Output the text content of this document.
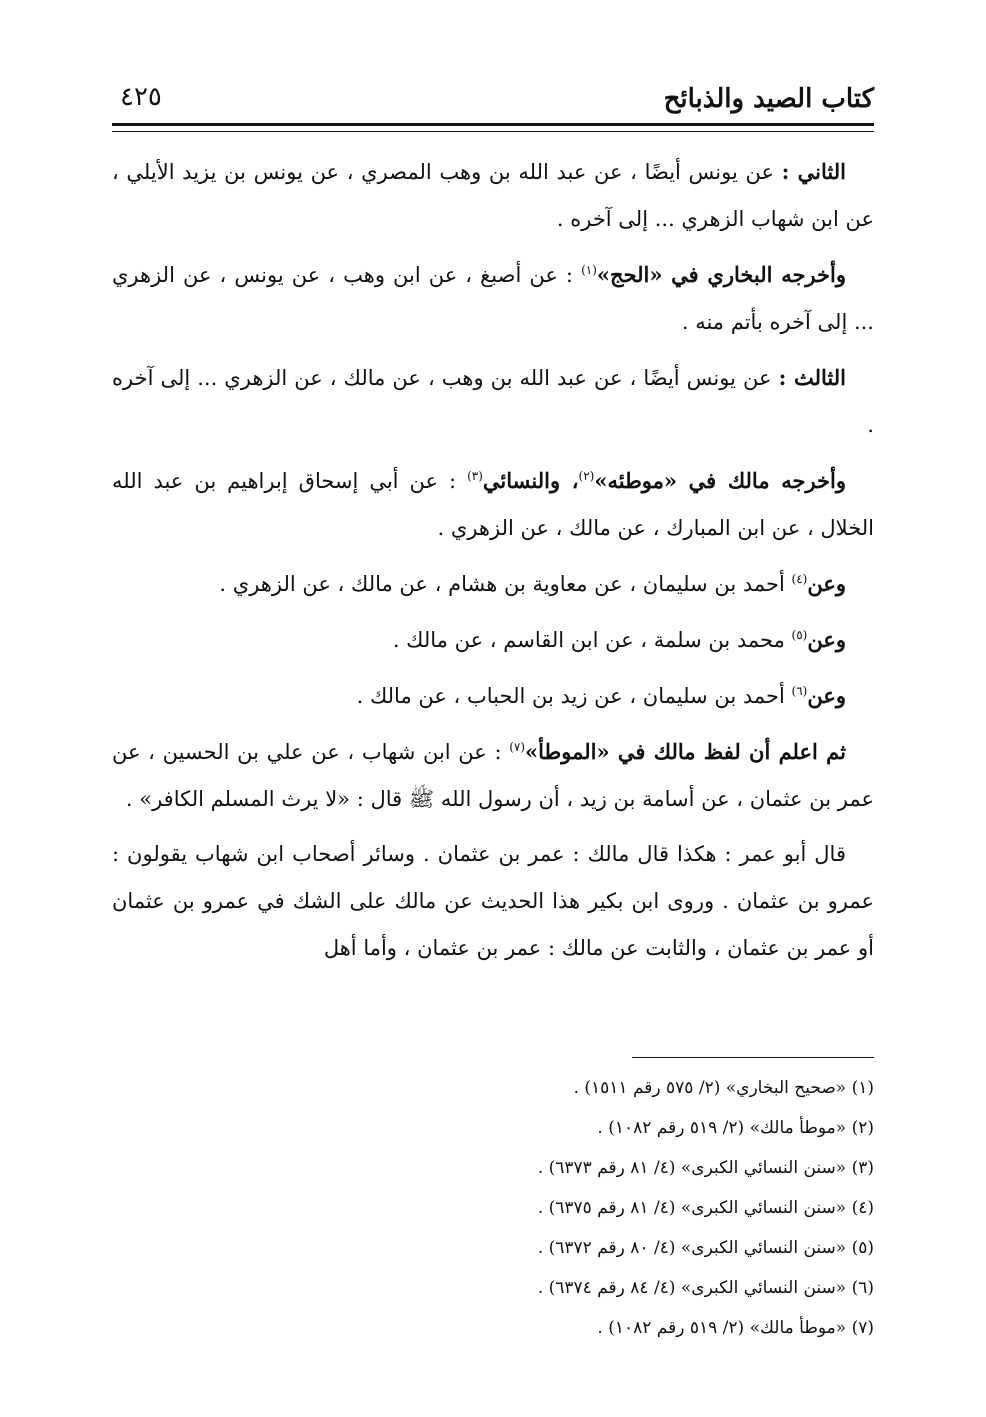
كتاب الصيد والذبائح
٤٢٥

الثاني : عن يونس أيضًا ، عن عبد الله بن وهب المصري ، عن يونس بن يزيد الأيلي ، عن ابن شهاب الزهري ... إلى آخره .

وأخرجه البخاري في «الحج»$^{(١)}$ : عن أصبغ ، عن ابن وهب ، عن يونس ، عن الزهري ... إلى آخره بأتم منه .

الثالث : عن يونس أيضًا ، عن عبد الله بن وهب ، عن مالك ، عن الزهري ... إلى آخره .

وأخرجه مالك في «موطئه»$^{(٢)}$، والنسائي$^{(٣)}$ : عن أبي إسحاق إبراهيم بن عبد الله الخلال ، عن ابن المبارك ، عن مالك ، عن الزهري .

وعن$^{(٤)}$ أحمد بن سليمان ، عن معاوية بن هشام ، عن مالك ، عن الزهري .

وعن$^{(٥)}$ محمد بن سلمة ، عن ابن القاسم ، عن مالك .

وعن$^{(٦)}$ أحمد بن سليمان ، عن زيد بن الحباب ، عن مالك .

ثم اعلم أن لفظ مالك في «الموطأ»$^{(٧)}$ : عن ابن شهاب ، عن علي بن الحسين ، عن عمر بن عثمان ، عن أسامة بن زيد ، أن رسول الله ﷺ قال : «لا يرث المسلم الكافر» .

قال أبو عمر : هكذا قال مالك : عمر بن عثمان . وسائر أصحاب ابن شهاب يقولون : عمرو بن عثمان . وروى ابن بكير هذا الحديث عن مالك على الشك في عمرو بن عثمان أو عمر بن عثمان ، والثابت عن مالك : عمر بن عثمان ، وأما أهل

(١) «صحيح البخاري» (٢/ ٥٧٥ رقم ١٥١١) .

(٢) «موطأ مالك» (٢/ ٥١٩ رقم ١٠٨٢) .

(٣) «سنن النسائي الكبرى» (٤/ ٨١ رقم ٦٣٧٣) .

(٤) «سنن النسائي الكبرى» (٤/ ٨١ رقم ٦٣٧٥) .

(٥) «سنن النسائي الكبرى» (٤/ ٨٠ رقم ٦٣٧٢) .

(٦) «سنن النسائي الكبرى» (٤/ ٨٤ رقم ٦٣٧٤) .

(٧) «موطأ مالك» (٢/ ٥١٩ رقم ١٠٨٢) .
